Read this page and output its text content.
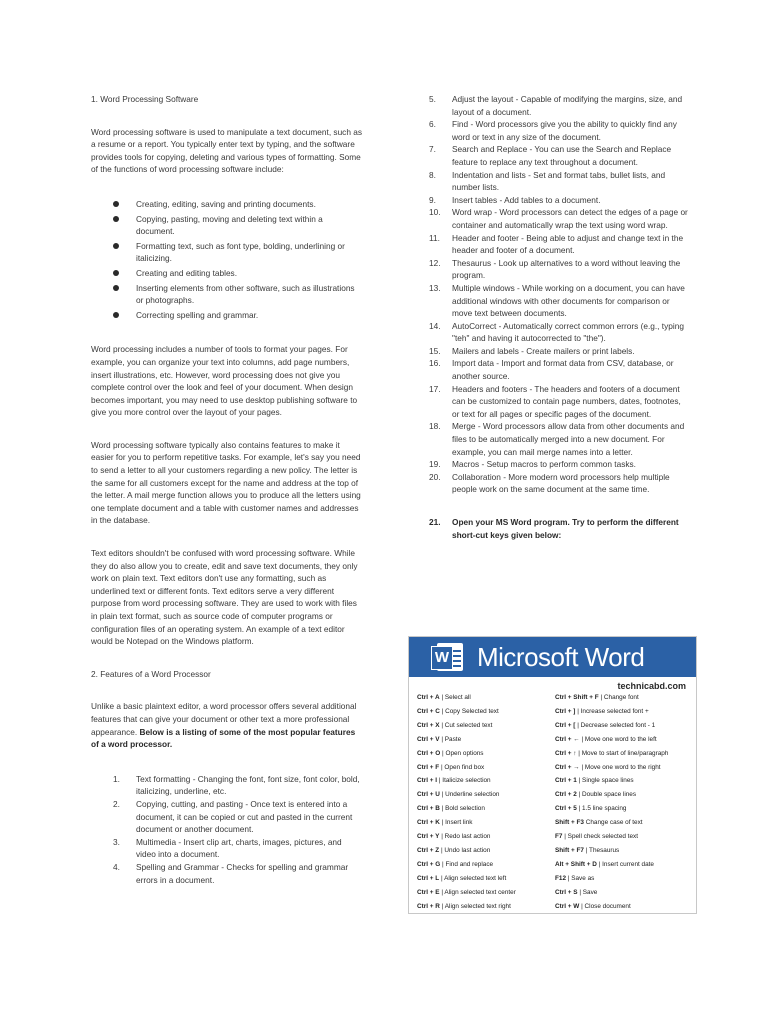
1. Word Processing Software

Word processing software is used to manipulate a text document, such as a resume or a report. You typically enter text by typing, and the software provides tools for copying, deleting and various types of formatting. Some of the functions of word processing software include:

Creating, editing, saving and printing documents.
Copying, pasting, moving and deleting text within a document.
Formatting text, such as font type, bolding, underlining or italicizing.
Creating and editing tables.
Inserting elements from other software, such as illustrations or photographs.
Correcting spelling and grammar.

Word processing includes a number of tools to format your pages. For example, you can organize your text into columns, add page numbers, insert illustrations, etc. However, word processing does not give you complete control over the look and feel of your document. When design becomes important, you may need to use desktop publishing software to give you more control over the layout of your pages.

Word processing software typically also contains features to make it easier for you to perform repetitive tasks. For example, let's say you need to send a letter to all your customers regarding a new policy. The letter is the same for all customers except for the name and address at the top of the letter. A mail merge function allows you to produce all the letters using one template document and a table with customer names and addresses in the database.

Text editors shouldn't be confused with word processing software. While they do also allow you to create, edit and save text documents, they only work on plain text. Text editors don't use any formatting, such as underlined text or different fonts. Text editors serve a very different purpose from word processing software. They are used to work with files in plain text format, such as source code of computer programs or configuration files of an operating system. An example of a text editor would be Notepad on the Windows platform.

2. Features of a Word Processor

Unlike a basic plaintext editor, a word processor offers several additional features that can give your document or other text a more professional appearance. Below is a listing of some of the most popular features of a word processor.

1. Text formatting - Changing the font, font size, font color, bold, italicizing, underline, etc.
2. Copying, cutting, and pasting - Once text is entered into a document, it can be copied or cut and pasted in the current document or another document.
3. Multimedia - Insert clip art, charts, images, pictures, and video into a document.
4. Spelling and Grammar - Checks for spelling and grammar errors in a document.
5. Adjust the layout - Capable of modifying the margins, size, and layout of a document.
6. Find - Word processors give you the ability to quickly find any word or text in any size of the document.
7. Search and Replace - You can use the Search and Replace feature to replace any text throughout a document.
8. Indentation and lists - Set and format tabs, bullet lists, and number lists.
9. Insert tables - Add tables to a document.
10. Word wrap - Word processors can detect the edges of a page or container and automatically wrap the text using word wrap.
11. Header and footer - Being able to adjust and change text in the header and footer of a document.
12. Thesaurus - Look up alternatives to a word without leaving the program.
13. Multiple windows - While working on a document, you can have additional windows with other documents for comparison or move text between documents.
14. AutoCorrect - Automatically correct common errors (e.g., typing "teh" and having it autocorrected to "the").
15. Mailers and labels - Create mailers or print labels.
16. Import data - Import and format data from CSV, database, or another source.
17. Headers and footers - The headers and footers of a document can be customized to contain page numbers, dates, footnotes, or text for all pages or specific pages of the document.
18. Merge - Word processors allow data from other documents and files to be automatically merged into a new document. For example, you can mail merge names into a letter.
19. Macros - Setup macros to perform common tasks.
20. Collaboration - More modern word processors help multiple people work on the same document at the same time.
21. Open your MS Word program. Try to perform the different short-cut keys given below:
W Microsoft Word
technicabd.com
Ctrl + A | Select all
Ctrl + C | Copy Selected text
Ctrl + X | Cut selected text
Ctrl + V | Paste
Ctrl + O | Open options
Ctrl + F | Open find box
Ctrl + I | Italicize selection
Ctrl + U | Underline selection
Ctrl + B | Bold selection
Ctrl + K | Insert link
Ctrl + Y | Redo last action
Ctrl + Z | Undo last action
Ctrl + G | Find and replace
Ctrl + L | Align selected text left
Ctrl + E | Align selected text center
Ctrl + R | Align selected text right
Ctrl + Shift + F | Change font
Ctrl + ] | Increase selected font +
Ctrl + [ | Decrease selected font - 1
Ctrl + ← | Move one word to the left
Ctrl + ↑ | Move to start of line/paragraph
Ctrl + → | Move one word to the right
Ctrl + 1 | Single space lines
Ctrl + 2 | Double space lines
Ctrl + 5 | 1.5 line spacing
Shift + F3 Change case of text
F7 | Spell check selected text
Shift + F7 | Thesaurus
Alt + Shift + D | Insert current date
F12 | Save as
Ctrl + S | Save
Ctrl + W | Close document
